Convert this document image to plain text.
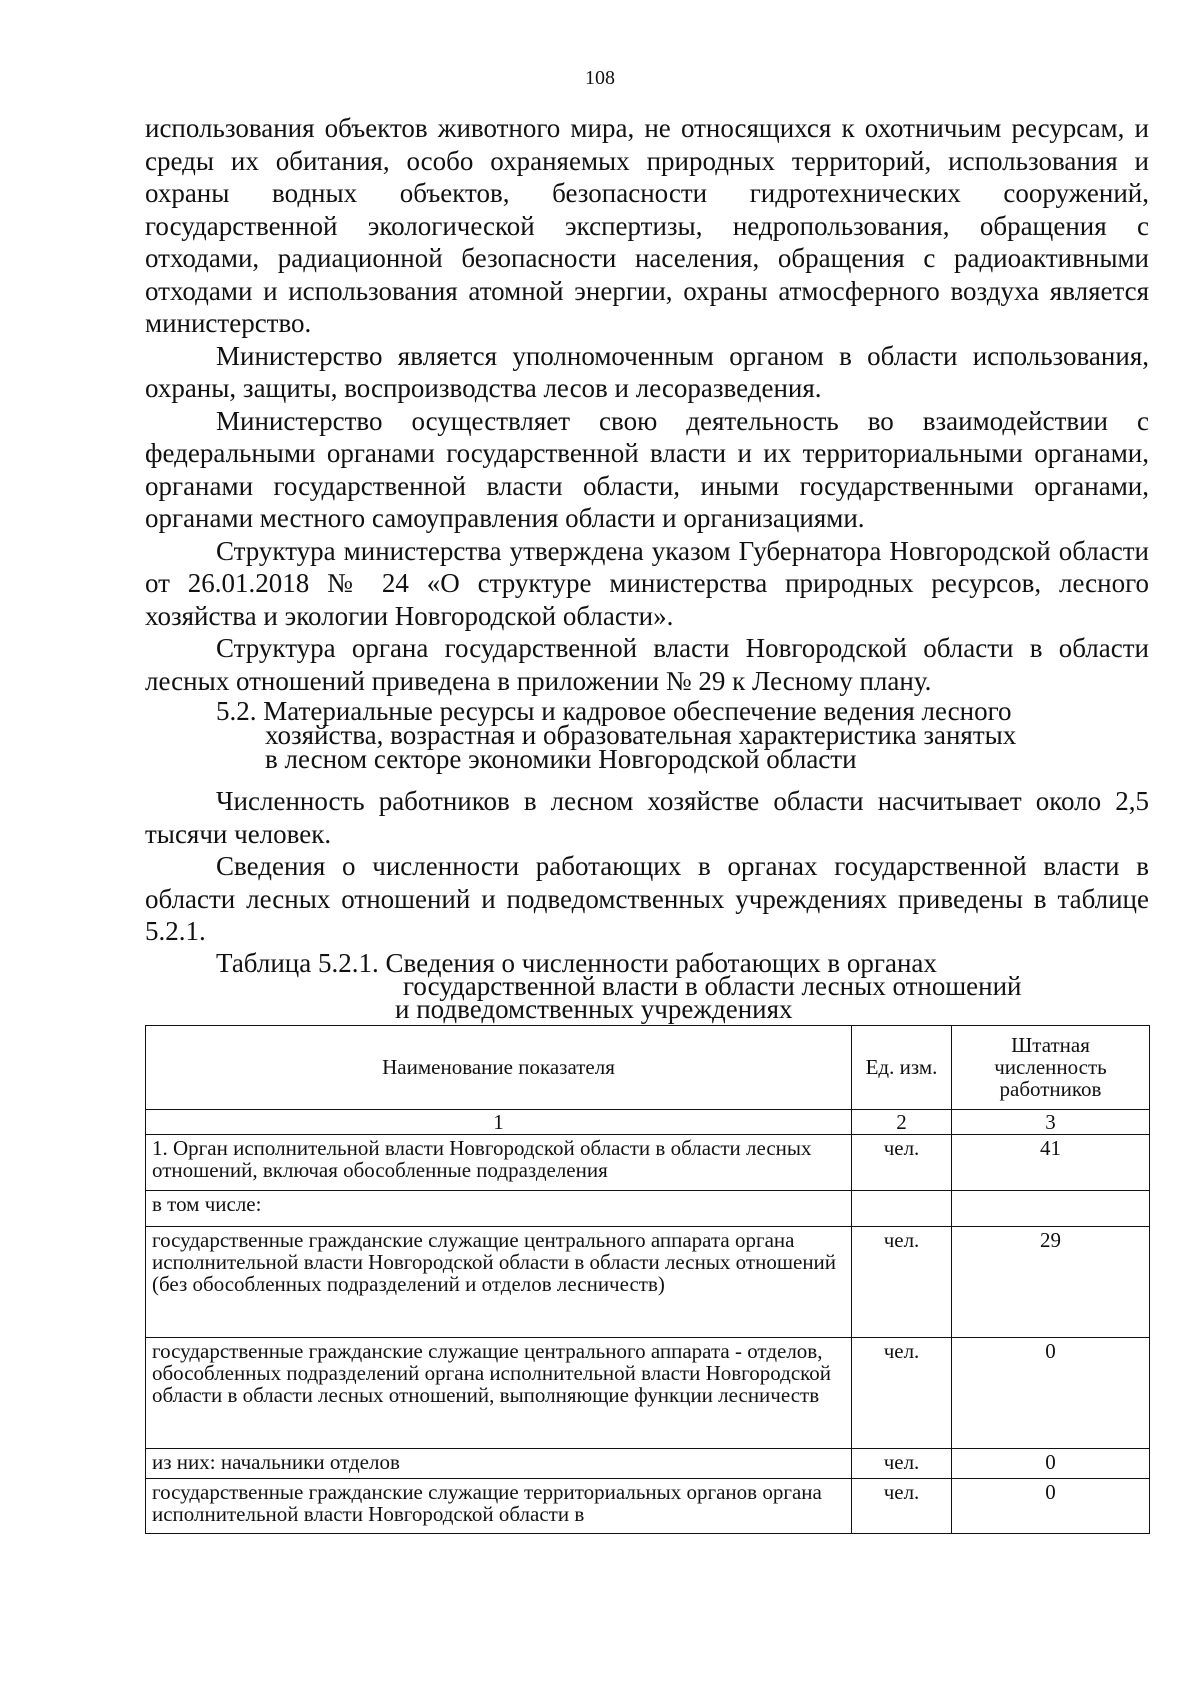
108

использования объектов животного мира, не относящихся к охотничьим ресурсам, и среды их обитания, особо охраняемых природных территорий, использования и охраны водных объектов, безопасности гидротехнических сооружений, государственной экологической экспертизы, недропользования, обращения с отходами, радиационной безопасности населения, обращения с радиоактивными отходами и использования атомной энергии, охраны атмосферного воздуха является министерство.

Министерство является уполномоченным органом в области использования, охраны, защиты, воспроизводства лесов и лесоразведения.

Министерство осуществляет свою деятельность во взаимодействии с федеральными органами государственной власти и их территориальными органами, органами государственной власти области, иными государственными органами, органами местного самоуправления области и организациями.

Структура министерства утверждена указом Губернатора Новгородской области от 26.01.2018 № 24 «О структуре министерства природных ресурсов, лесного хозяйства и экологии Новгородской области».

Структура органа государственной власти Новгородской области в области лесных отношений приведена в приложении № 29 к Лесному плану.

5.2. Материальные ресурсы и кадровое обеспечение ведения лесного
хозяйства, возрастная и образовательная характеристика занятых
в лесном секторе экономики Новгородской области

Численность работников в лесном хозяйстве области насчитывает около 2,5 тысячи человек.

Сведения о численности работающих в органах государственной власти в области лесных отношений и подведомственных учреждениях приведены в таблице 5.2.1.

Таблица 5.2.1. Сведения о численности работающих в органах
государственной власти в области лесных отношений
и подведомственных учреждениях
Наименование показателя	Ед. изм.	Штатная численность работников
1	2	3
1. Орган исполнительной власти Новгородской области в области лесных отношений, включая обособленные подразделения	чел.	41
в том числе:		
государственные гражданские служащие центрального аппарата органа исполнительной власти Новгородской области в области лесных отношений (без обособленных подразделений и отделов лесничеств)	чел.	29
государственные гражданские служащие центрального аппарата - отделов, обособленных подразделений органа исполнительной власти Новгородской области в области лесных отношений, выполняющие функции лесничеств	чел.	0
из них: начальники отделов	чел.	0
государственные гражданские служащие территориальных органов органа исполнительной власти Новгородской области в	чел.	0
